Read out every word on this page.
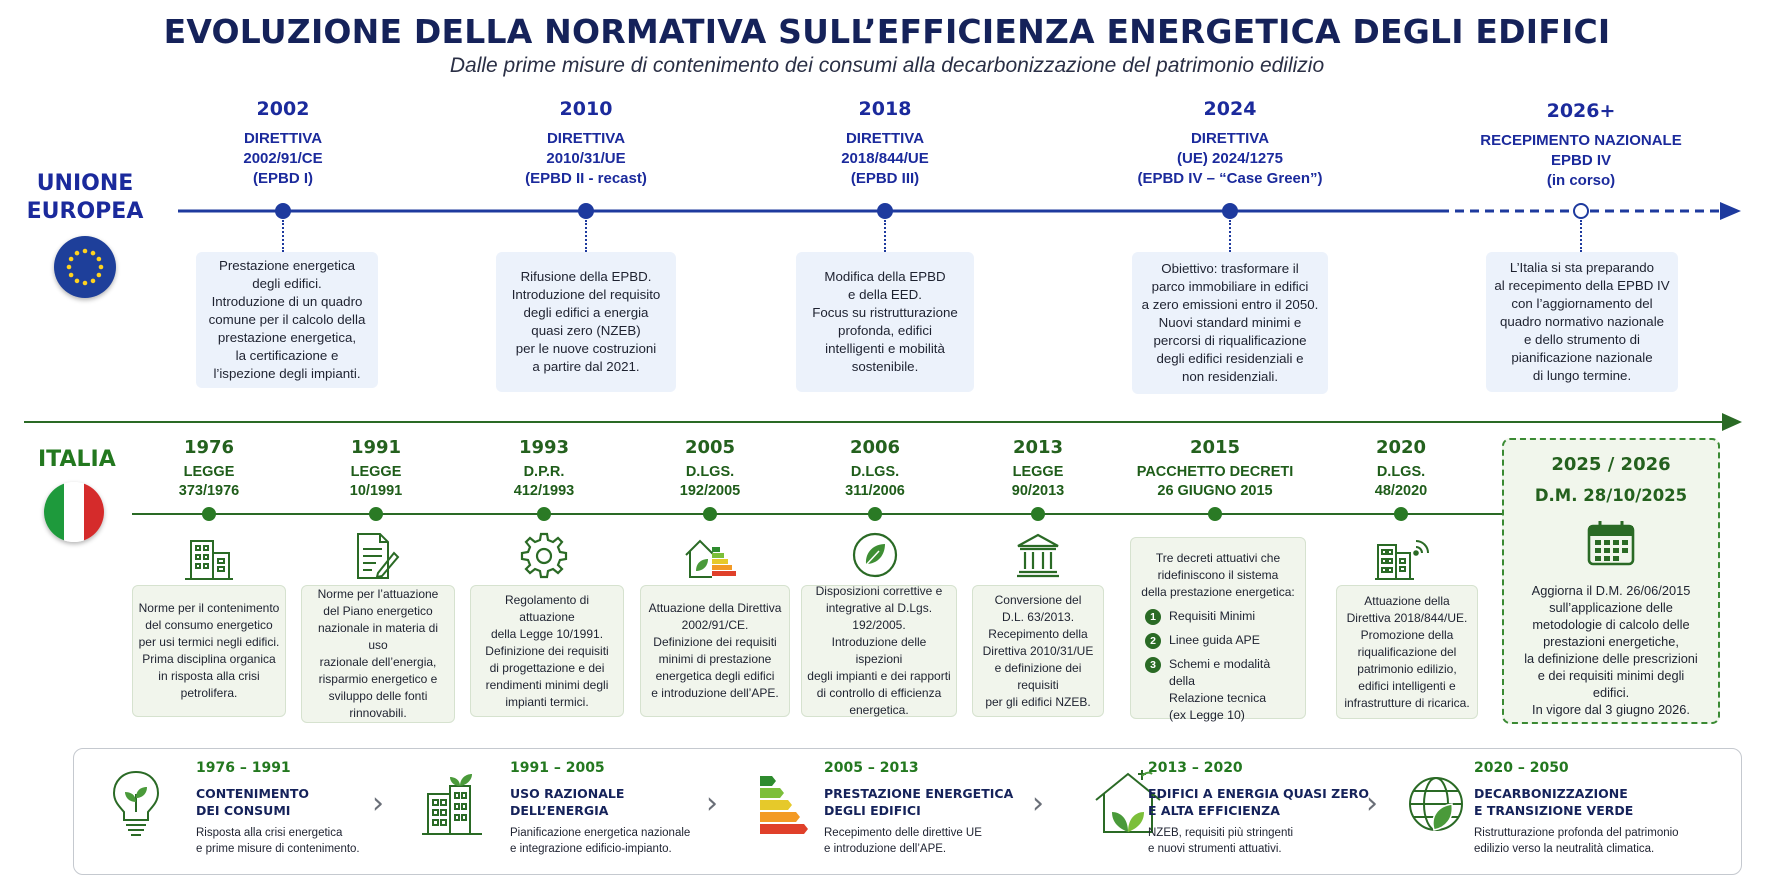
EVOLUZIONE DELLA NORMATIVA SULL’EFFICIENZA ENERGETICA DEGLI EDIFICI
Dalle prime misure di contenimento dei consumi alla decarbonizzazione del patrimonio edilizio
UNIONE
EUROPEA
2002
DIRETTIVA
2002/91/CE
(EPBD I)
Prestazione energetica
degli edifici.
Introduzione di un quadro
comune per il calcolo della
prestazione energetica,
la certificazione e
l’ispezione degli impianti.
2010
DIRETTIVA
2010/31/UE
(EPBD II - recast)
Rifusione della EPBD.
Introduzione del requisito
degli edifici a energia
quasi zero (NZEB)
per le nuove costruzioni
a partire dal 2021.
2018
DIRETTIVA
2018/844/UE
(EPBD III)
Modifica della EPBD
e della EED.
Focus su ristrutturazione
profonda, edifici
intelligenti e mobilità
sostenibile.
2024
DIRETTIVA
(UE) 2024/1275
(EPBD IV – “Case Green”)
Obiettivo: trasformare il
parco immobiliare in edifici
a zero emissioni entro il 2050.
Nuovi standard minimi e
percorsi di riqualificazione
degli edifici residenziali e
non residenziali.
2026+
RECEPIMENTO NAZIONALE
EPBD IV
(in corso)
L’Italia si sta preparando
al recepimento della EPBD IV
con l’aggiornamento del
quadro normativo nazionale
e dello strumento di
pianificazione nazionale
di lungo termine.
ITALIA	1976
LEGGE
373/1976
Norme per il contenimento
del consumo energetico
per usi termici negli edifici.
Prima disciplina organica
in risposta alla crisi
petrolifera.
1991
LEGGE
10/1991
Norme per l’attuazione
del Piano energetico
nazionale in materia di uso
razionale dell’energia,
risparmio energetico e
sviluppo delle fonti
rinnovabili.
1993
D.P.R.
412/1993
Regolamento di attuazione
della Legge 10/1991.
Definizione dei requisiti
di progettazione e dei
rendimenti minimi degli
impianti termici.
2005
D.LGS.
192/2005
Attuazione della Direttiva
2002/91/CE.
Definizione dei requisiti
minimi di prestazione
energetica degli edifici
e introduzione dell’APE.
2006
D.LGS.
311/2006
Disposizioni correttive e
integrative al D.Lgs. 192/2005.
Introduzione delle ispezioni
degli impianti e dei rapporti
di controllo di efficienza
energetica.
2013
LEGGE
90/2013
Conversione del
D.L. 63/2013.
Recepimento della
Direttiva 2010/31/UE
e definizione dei requisiti
per gli edifici NZEB.
2015
PACCHETTO DECRETI
26 GIUGNO 2015
Tre decreti attuativi che
ridefiniscono il sistema
della prestazione energetica:
1	Requisiti Minimi
2	Linee guida APE
3	Schemi e modalità della
Relazione tecnica
(ex Legge 10)
2020
D.LGS.
48/2020
Attuazione della
Direttiva 2018/844/UE.
Promozione della
riqualificazione del
patrimonio edilizio,
edifici intelligenti e
infrastrutture di ricarica.
2025 / 2026
D.M. 28/10/2025
Aggiorna il D.M. 26/06/2015
sull’applicazione delle
metodologie di calcolo delle
prestazioni energetiche,
la definizione delle prescrizioni
e dei requisiti minimi degli
edifici.
In vigore dal 3 giugno 2026.
1976 – 1991
CONTENIMENTO
DEI CONSUMI
Risposta alla crisi energetica
e prime misure di contenimento.
›
1991 – 2005
USO RAZIONALE
DELL’ENERGIA
Pianificazione energetica nazionale
e integrazione edificio-impianto.
›
2005 – 2013
PRESTAZIONE ENERGETICA
DEGLI EDIFICI
Recepimento delle direttive UE
e introduzione dell’APE.
›
2013 – 2020
EDIFICI A ENERGIA QUASI ZERO
E ALTA EFFICIENZA
NZEB, requisiti più stringenti
e nuovi strumenti attuativi.
›
2020 – 2050
DECARBONIZZAZIONE
E TRANSIZIONE VERDE
Ristrutturazione profonda del patrimonio
edilizio verso la neutralità climatica.
